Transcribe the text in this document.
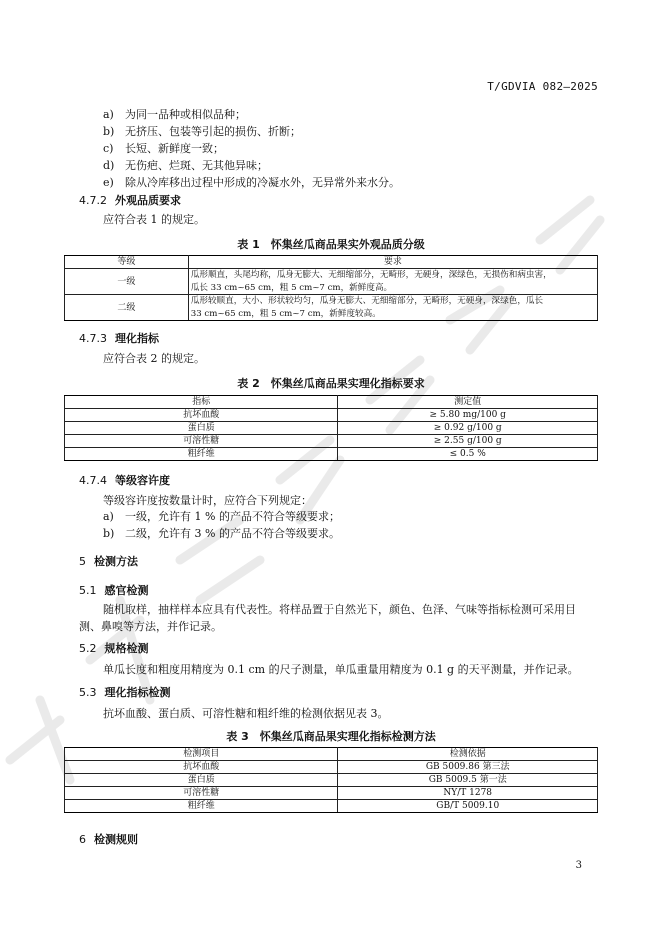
T/GDVIA 082—2025
a) 为同一品种或相似品种；
b) 无挤压、包装等引起的损伤、折断；
c) 长短、新鲜度一致；
d) 无伤疤、烂斑、无其他异味；
e) 除从冷库移出过程中形成的冷凝水外，无异常外来水分。
4.7.2 外观品质要求
应符合表 1 的规定。
表 1　怀集丝瓜商品果实外观品质分级
等级	要求
一级	瓜形顺直，头尾均称，瓜身无膨大、无细缩部分，无畸形，无硬身，深绿色，无损伤和病虫害，
瓜长 33 cm~65 cm，粗 5 cm~7 cm，新鲜度高。

二级	瓜形较顺直，大小、形状较均匀，瓜身无膨大、无细缩部分，无畸形，无硬身，深绿色，瓜长
33 cm~65 cm，粗 5 cm~7 cm，新鲜度较高。
4.7.3 理化指标
应符合表 2 的规定。
表 2　怀集丝瓜商品果实理化指标要求
指标	测定值
抗坏血酸	≥ 5.80 mg/100 g
蛋白质	≥ 0.92 g/100 g
可溶性糖	≥ 2.55 g/100 g
粗纤维	≤ 0.5 %
4.7.4 等级容许度
等级容许度按数量计时，应符合下列规定：
a) 一级，允许有 1 % 的产品不符合等级要求；
b) 二级，允许有 3 % 的产品不符合等级要求。
5 检测方法
5.1 感官检测
随机取样，抽样样本应具有代表性。将样品置于自然光下，颜色、色泽、气味等指标检测可采用目
测、鼻嗅等方法，并作记录。
5.2 规格检测
单瓜长度和粗度用精度为 0.1 cm 的尺子测量，单瓜重量用精度为 0.1 g 的天平测量，并作记录。
5.3 理化指标检测
抗坏血酸、蛋白质、可溶性糖和粗纤维的检测依据见表 3。
表 3　怀集丝瓜商品果实理化指标检测方法
检测项目	检测依据
抗坏血酸	GB 5009.86 第三法
蛋白质	GB 5009.5 第一法
可溶性糖	NY/T 1278
粗纤维	GB/T 5009.10
6 检测规则
3
